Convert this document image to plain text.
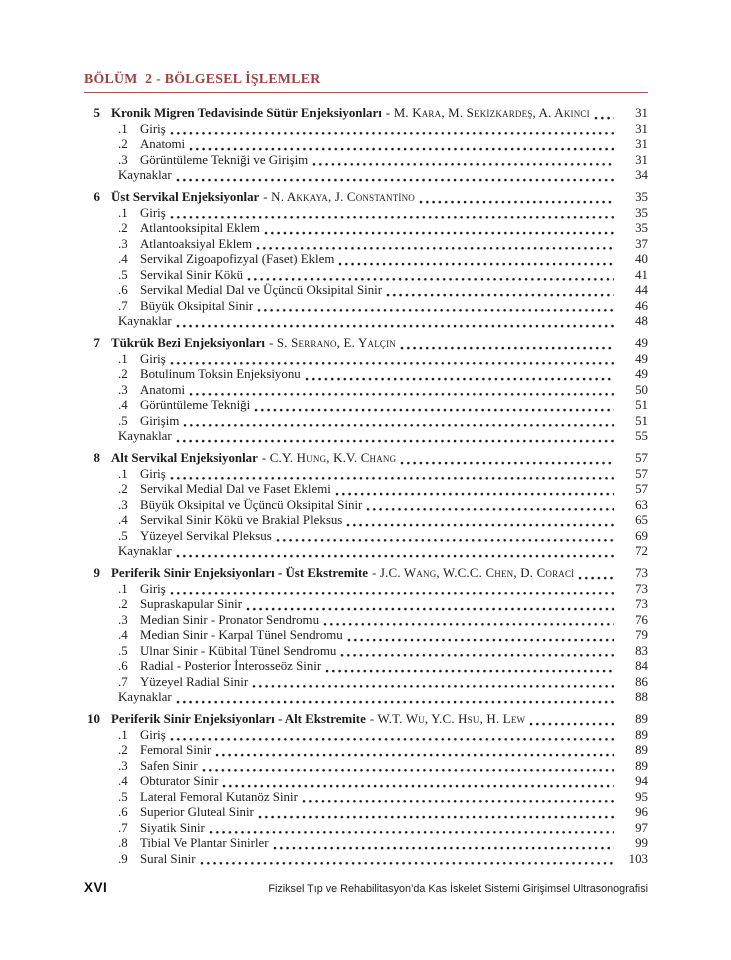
BÖLÜM  2 - BÖLGESEL İŞLEMLER
5 Kronik Migren Tedavisinde Sütür Enjeksiyonları - M. Kara, M. Sekizkardeş, A. Akıncı	31
.1 Giriş	31
.2 Anatomi	31
.3 Görüntüleme Tekniği ve Girişim	31
Kaynaklar	34
6 Üst Servikal Enjeksiyonlar - N. Akkaya, J. Constantino	35
.1 Giriş	35
.2 Atlantooksipital Eklem	35
.3 Atlantoaksiyal Eklem	37
.4 Servikal Zigoapofizyal (Faset) Eklem	40
.5 Servikal Sinir Kökü	41
.6 Servikal Medial Dal ve Üçüncü Oksipital Sinir	44
.7 Büyük Oksipital Sinir	46
Kaynaklar	48
7 Tükrük Bezi Enjeksiyonları - S. Serrano, E. Yalçın	49
.1 Giriş	49
.2 Botulinum Toksin Enjeksiyonu	49
.3 Anatomi	50
.4 Görüntüleme Tekniği	51
.5 Girişim	51
Kaynaklar	55
8 Alt Servikal Enjeksiyonlar - C.Y. Hung, K.V. Chang	57
.1 Giriş	57
.2 Servikal Medial Dal ve Faset Eklemi	57
.3 Büyük Oksipital ve Üçüncü Oksipital Sinir	63
.4 Servikal Sinir Kökü ve Brakial Pleksus	65
.5 Yüzeyel Servikal Pleksus	69
Kaynaklar	72
9 Periferik Sinir Enjeksiyonları - Üst Ekstremite - J.C. Wang, W.C.C. Chen, D. Coraci	73
.1 Giriş	73
.2 Supraskapular Sinir	73
.3 Median Sinir - Pronator Sendromu	76
.4 Median Sinir - Karpal Tünel Sendromu	79
.5 Ulnar Sinir - Kübital Tünel Sendromu	83
.6 Radial - Posterior İnterosseöz Sinir	84
.7 Yüzeyel Radial Sinir	86
Kaynaklar	88
10 Periferik Sinir Enjeksiyonları - Alt Ekstremite - W.T. Wu, Y.C. Hsu, H. Lew	89
.1 Giriş	89
.2 Femoral Sinir	89
.3 Safen Sinir	89
.4 Obturator Sinir	94
.5 Lateral Femoral Kutanöz Sinir	95
.6 Superior Gluteal Sinir	96
.7 Siyatik Sinir	97
.8 Tibial Ve Plantar Sinirler	99
.9 Sural Sinir	103
XVI	Fiziksel Tıp ve Rehabilitasyon’da Kas İskelet Sistemi Girişimsel Ultrasonografisi
